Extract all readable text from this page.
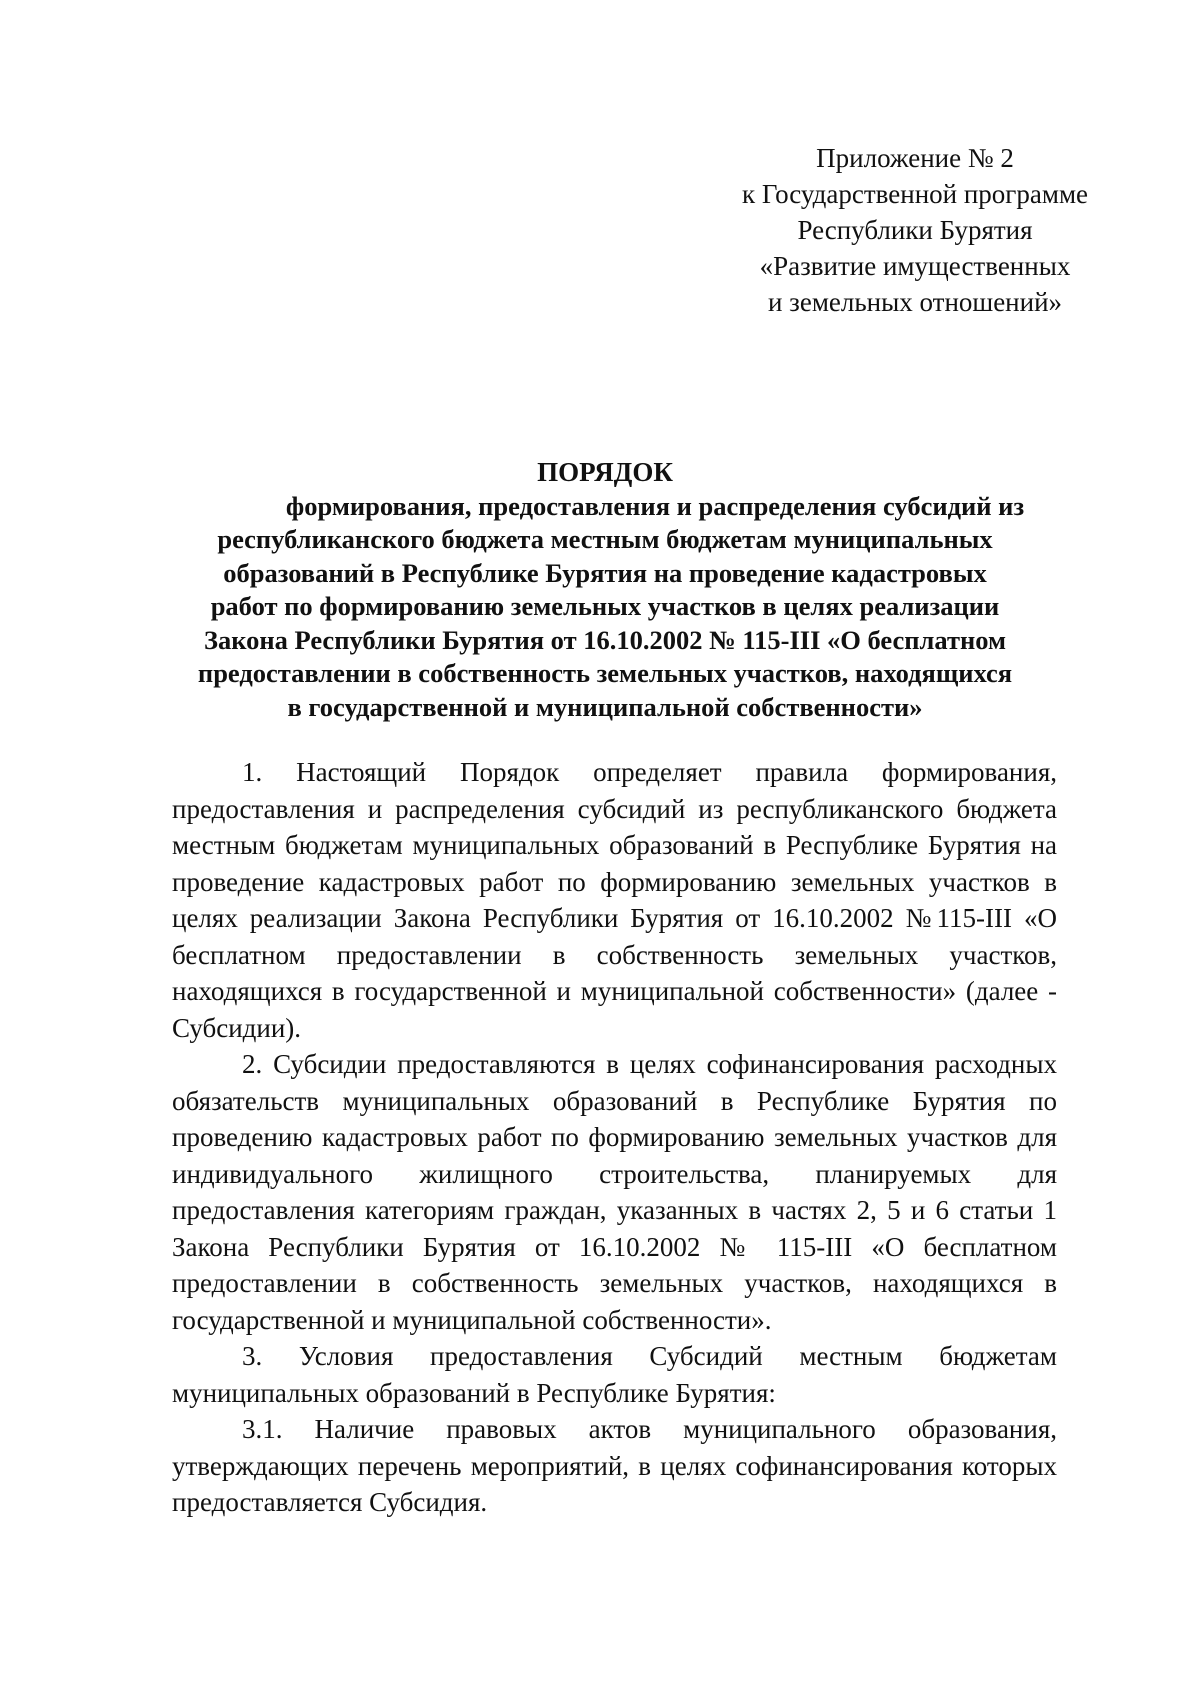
Приложение № 2
к Государственной программе
Республики Бурятия
«Развитие имущественных
и земельных отношений»
ПОРЯДОК
формирования, предоставления и распределения субсидий из
республиканского бюджета местным бюджетам муниципальных
образований в Республике Бурятия на проведение кадастровых
работ по формированию земельных участков в целях реализации
Закона Республики Бурятия от 16.10.2002 № 115-III «О бесплатном
предоставлении в собственность земельных участков, находящихся
в государственной и муниципальной собственности»

1. Настоящий Порядок определяет правила формирования, предоставления и распределения субсидий из республиканского бюджета местным бюджетам муниципальных образований в Республике Бурятия на проведение кадастровых работ по формированию земельных участков в целях реализации Закона Республики Бурятия от 16.10.2002 №115-III «О бесплатном предоставлении в собственность земельных участков, находящихся в государственной и муниципальной собственности» (далее - Субсидии).

2. Субсидии предоставляются в целях софинансирования расходных обязательств муниципальных образований в Республике Бурятия по проведению кадастровых работ по формированию земельных участков для индивидуального жилищного строительства, планируемых для предоставления категориям граждан, указанных в частях 2, 5 и 6 статьи 1 Закона Республики Бурятия от 16.10.2002 № 115-III «О бесплатном предоставлении в собственность земельных участков, находящихся в государственной и муниципальной собственности».

3. Условия предоставления Субсидий местным бюджетам муниципальных образований в Республике Бурятия:

3.1. Наличие правовых актов муниципального образования, утверждающих перечень мероприятий, в целях софинансирования которых предоставляется Субсидия.
